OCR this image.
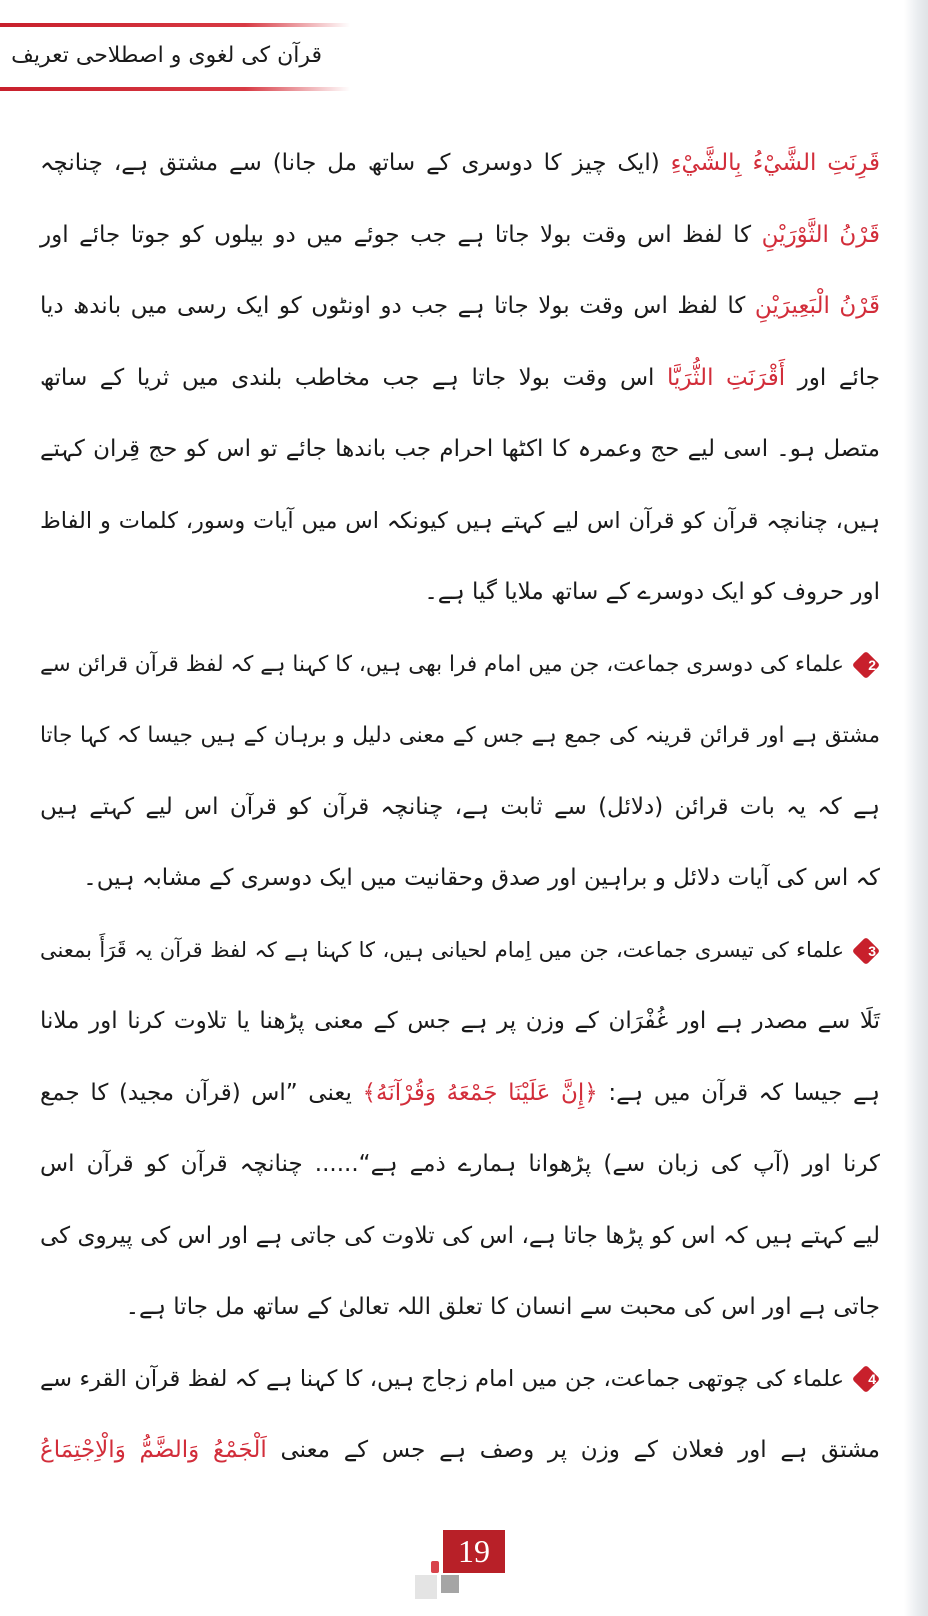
قرآن کی لغوی و اصطلاحی تعریف
قَرِنَتِ الشَّيْءُ بِالشَّيْءِ (ایک چیز کا دوسری کے ساتھ مل جانا) سے مشتق ہے، چنانچہ
قَرْنُ الثَّوْرَيْنِ کا لفظ اس وقت بولا جاتا ہے جب جوئے میں دو بیلوں کو جوتا جائے اور
قَرْنُ الْبَعِيرَيْنِ کا لفظ اس وقت بولا جاتا ہے جب دو اونٹوں کو ایک رسی میں باندھ دیا
جائے اور أَقْرَنَتِ الثُّرَيَّا اس وقت بولا جاتا ہے جب مخاطب بلندی میں ثریا کے ساتھ
متصل ہو۔ اسی لیے حج وعمرہ کا اکٹھا احرام جب باندھا جائے تو اس کو حج قِران کہتے
ہیں، چنانچہ قرآن کو قرآن اس لیے کہتے ہیں کیونکہ اس میں آیات وسور، کلمات و الفاظ
اور حروف کو ایک دوسرے کے ساتھ ملایا گیا ہے۔
2
علماء کی دوسری جماعت، جن میں امام فرا بھی ہیں، کا کہنا ہے کہ لفظ قرآن قرائن سے
مشتق ہے اور قرائن قرینہ کی جمع ہے جس کے معنی دلیل و برہان کے ہیں جیسا کہ کہا جاتا
ہے کہ یہ بات قرائن (دلائل) سے ثابت ہے، چنانچہ قرآن کو قرآن اس لیے کہتے ہیں
کہ اس کی آیات دلائل و براہین اور صدق وحقانیت میں ایک دوسری کے مشابہ ہیں۔
3
علماء کی تیسری جماعت، جن میں اِمام لحیانی ہیں، کا کہنا ہے کہ لفظ قرآن یہ قَرَأَ بمعنی
تَلَا سے مصدر ہے اور غُفْرَان کے وزن پر ہے جس کے معنی پڑھنا یا تلاوت کرنا اور ملانا
ہے جیسا کہ قرآن میں ہے: ﴿إِنَّ عَلَيْنَا جَمْعَهُ وَقُرْآنَهُ﴾ یعنی ”اس (قرآن مجید) کا جمع
کرنا اور (آپ کی زبان سے) پڑھوانا ہمارے ذمے ہے“...... چنانچہ قرآن کو قرآن اس
لیے کہتے ہیں کہ اس کو پڑھا جاتا ہے، اس کی تلاوت کی جاتی ہے اور اس کی پیروی کی
جاتی ہے اور اس کی محبت سے انسان کا تعلق اللہ تعالیٰ کے ساتھ مل جاتا ہے۔
4
علماء کی چوتھی جماعت، جن میں امام زجاج ہیں، کا کہنا ہے کہ لفظ قرآن القرء سے
مشتق ہے اور فعلان کے وزن پر وصف ہے جس کے معنی اَلْجَمْعُ وَالضَّمُّ وَالْاِجْتِمَاعُ
19
